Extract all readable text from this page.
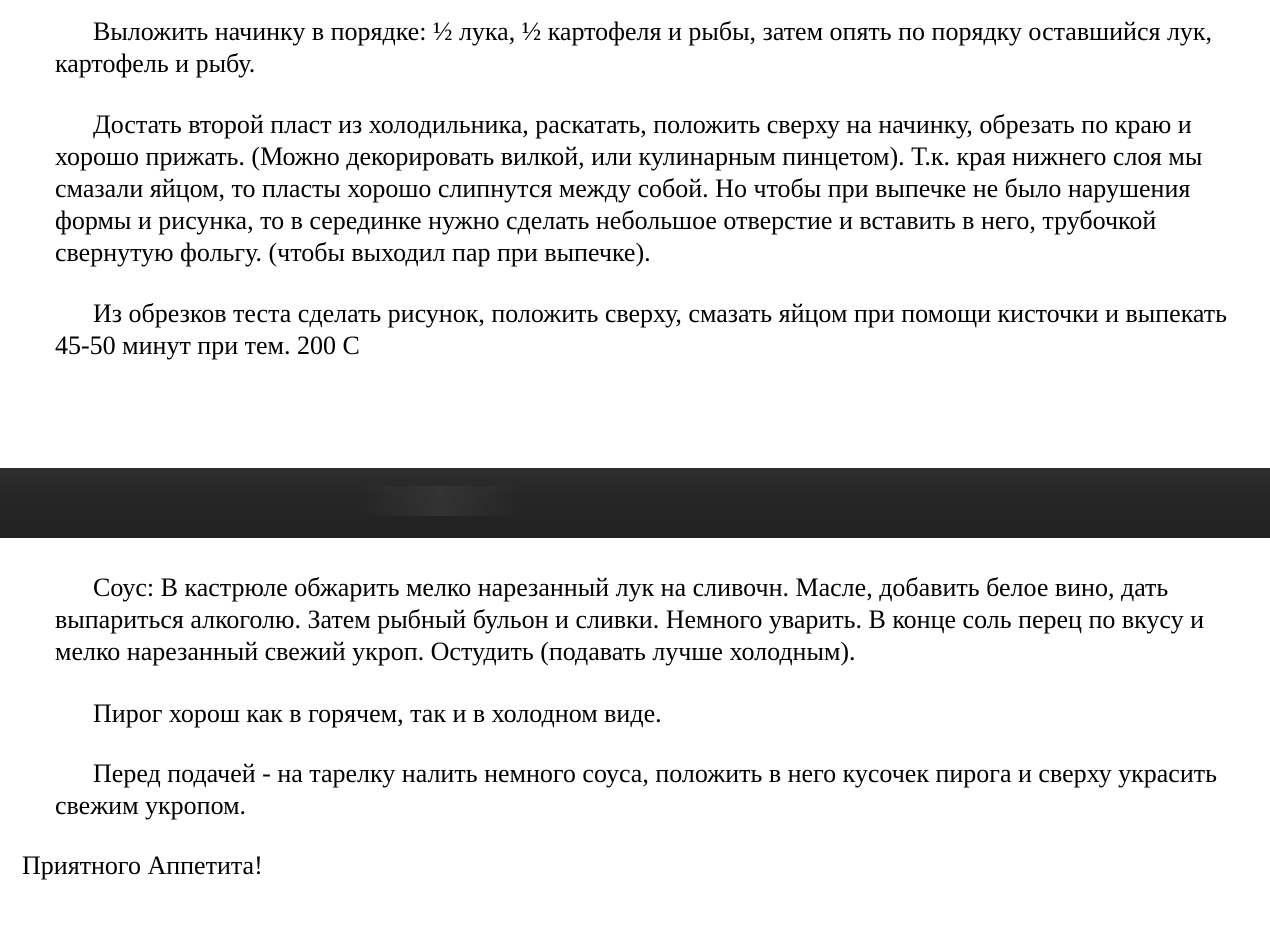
Выложить начинку в порядке: ½ лука, ½ картофеля и рыбы, затем опять по порядку оставшийся лук, картофель и рыбу.

Достать второй пласт из холодильника, раскатать, положить сверху на начинку, обрезать по краю и хорошо прижать. (Можно декорировать вилкой, или кулинарным пинцетом). Т.к. края нижнего слоя мы смазали яйцом, то пласты хорошо слипнутся между собой. Но чтобы при выпечке не было нарушения формы и рисунка, то в серединке нужно сделать небольшое отверстие и вставить в него, трубочкой свернутую фольгу. (чтобы выходил пар при выпечке).

Из обрезков теста сделать рисунок, положить сверху, смазать яйцом при помощи кисточки и выпекать 45-50 минут при тем. 200 С

Соус: В кастрюле обжарить мелко нарезанный лук на сливочн. Масле, добавить белое вино, дать выпариться алкоголю. Затем рыбный бульон и сливки. Немного уварить. В конце соль перец по вкусу и мелко нарезанный свежий укроп. Остудить (подавать лучше холодным).

Пирог хорош как в горячем, так и в холодном виде.

Перед подачей - на тарелку налить немного соуса, положить в него кусочек пирога и сверху украсить свежим укропом.

Приятного Аппетита!
